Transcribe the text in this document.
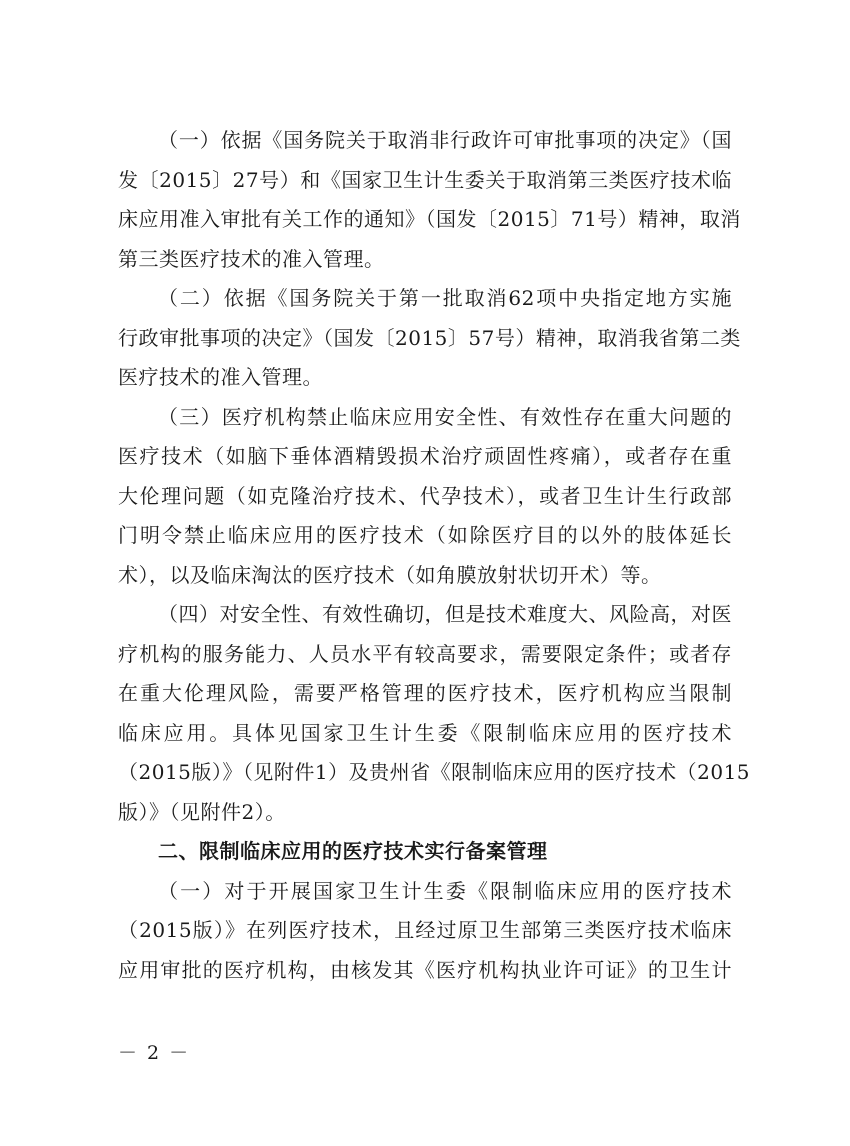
（一）依据《国务院关于取消非行政许可审批事项的决定》（国
发〔2015〕27号）和《国家卫生计生委关于取消第三类医疗技术临
床应用准入审批有关工作的通知》（国发〔2015〕71号）精神，取消
第三类医疗技术的准入管理。

（二）依据《国务院关于第一批取消62项中央指定地方实施
行政审批事项的决定》（国发〔2015〕57号）精神，取消我省第二类
医疗技术的准入管理。

（三）医疗机构禁止临床应用安全性、有效性存在重大问题的
医疗技术（如脑下垂体酒精毁损术治疗顽固性疼痛），或者存在重
大伦理问题（如克隆治疗技术、代孕技术），或者卫生计生行政部
门明令禁止临床应用的医疗技术（如除医疗目的以外的肢体延长
术），以及临床淘汰的医疗技术（如角膜放射状切开术）等。

（四）对安全性、有效性确切，但是技术难度大、风险高，对医
疗机构的服务能力、人员水平有较高要求，需要限定条件；或者存
在重大伦理风险，需要严格管理的医疗技术，医疗机构应当限制
临床应用。具体见国家卫生计生委《限制临床应用的医疗技术
（2015版）》（见附件1）及贵州省《限制临床应用的医疗技术（2015
版）》（见附件2）。

二、限制临床应用的医疗技术实行备案管理

（一）对于开展国家卫生计生委《限制临床应用的医疗技术
（2015版）》在列医疗技术，且经过原卫生部第三类医疗技术临床
应用审批的医疗机构，由核发其《医疗机构执业许可证》的卫生计

－ 2 －
